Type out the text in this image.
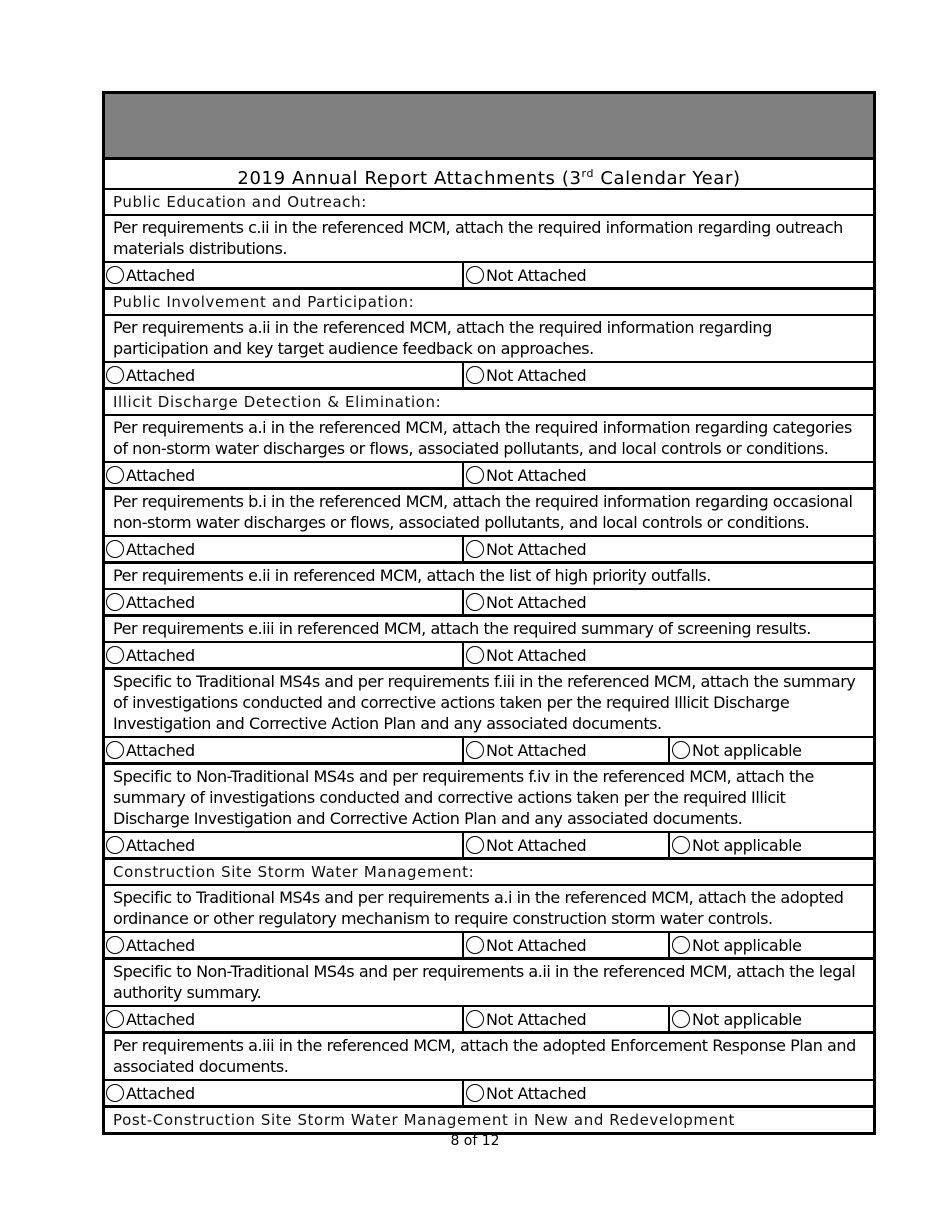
2019 Annual Report Attachments (3rd Calendar Year)
Public Education and Outreach:
Per requirements c.ii in the referenced MCM, attach the required information regarding outreach materials distributions.
Attached	Not Attached
Public Involvement and Participation:
Per requirements a.ii in the referenced MCM, attach the required information regarding participation and key target audience feedback on approaches.
Attached	Not Attached
Illicit Discharge Detection & Elimination:
Per requirements a.i in the referenced MCM, attach the required information regarding categories of non-storm water discharges or flows, associated pollutants, and local controls or conditions.
Attached	Not Attached
Per requirements b.i in the referenced MCM, attach the required information regarding occasional non-storm water discharges or flows, associated pollutants, and local controls or conditions.
Attached	Not Attached
Per requirements e.ii in referenced MCM, attach the list of high priority outfalls.
Attached	Not Attached
Per requirements e.iii in referenced MCM, attach the required summary of screening results.
Attached	Not Attached
Specific to Traditional MS4s and per requirements f.iii in the referenced MCM, attach the summary of investigations conducted and corrective actions taken per the required Illicit Discharge Investigation and Corrective Action Plan and any associated documents.
Attached	Not Attached	Not applicable
Specific to Non-Traditional MS4s and per requirements f.iv in the referenced MCM, attach the summary of investigations conducted and corrective actions taken per the required Illicit Discharge Investigation and Corrective Action Plan and any associated documents.
Attached	Not Attached	Not applicable
Construction Site Storm Water Management:
Specific to Traditional MS4s and per requirements a.i in the referenced MCM, attach the adopted ordinance or other regulatory mechanism to require construction storm water controls.
Attached	Not Attached	Not applicable
Specific to Non-Traditional MS4s and per requirements a.ii in the referenced MCM, attach the legal authority summary.
Attached	Not Attached	Not applicable
Per requirements a.iii in the referenced MCM, attach the adopted Enforcement Response Plan and associated documents.
Attached	Not Attached
Post-Construction Site Storm Water Management in New and Redevelopment
8 of 12
